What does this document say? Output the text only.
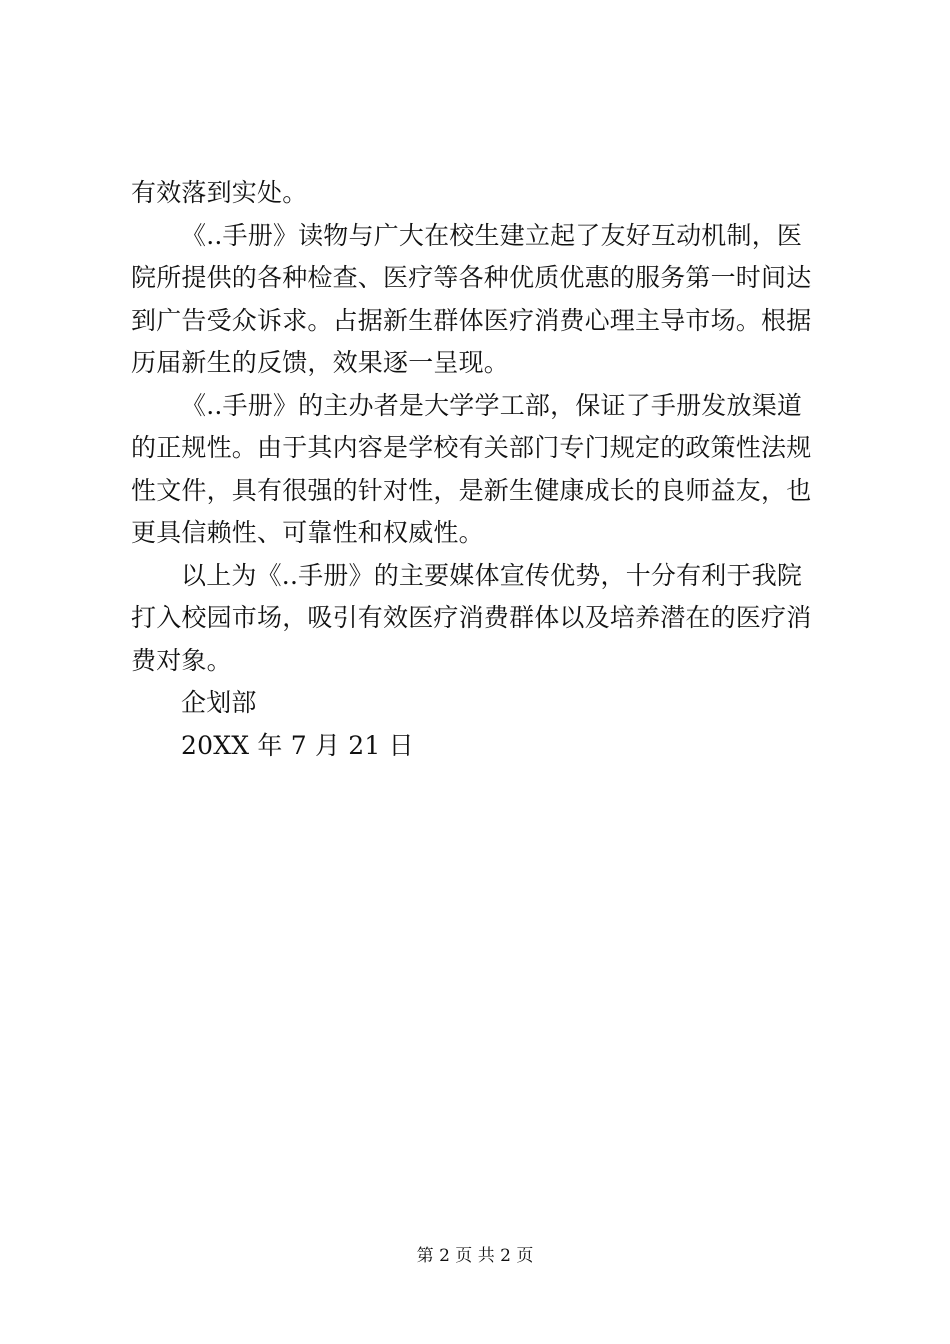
有效落到实处。
《..手册》读物与广大在校生建立起了友好互动机制，医
院所提供的各种检查、医疗等各种优质优惠的服务第一时间达
到广告受众诉求。占据新生群体医疗消费心理主导市场。根据
历届新生的反馈，效果逐一呈现。
《..手册》的主办者是大学学工部，保证了手册发放渠道
的正规性。由于其内容是学校有关部门专门规定的政策性法规
性文件，具有很强的针对性，是新生健康成长的良师益友，也
更具信赖性、可靠性和权威性。
以上为《..手册》的主要媒体宣传优势，十分有利于我院
打入校园市场，吸引有效医疗消费群体以及培养潜在的医疗消
费对象。
企划部
20XX 年 7 月 21 日
第 2 页 共 2 页
